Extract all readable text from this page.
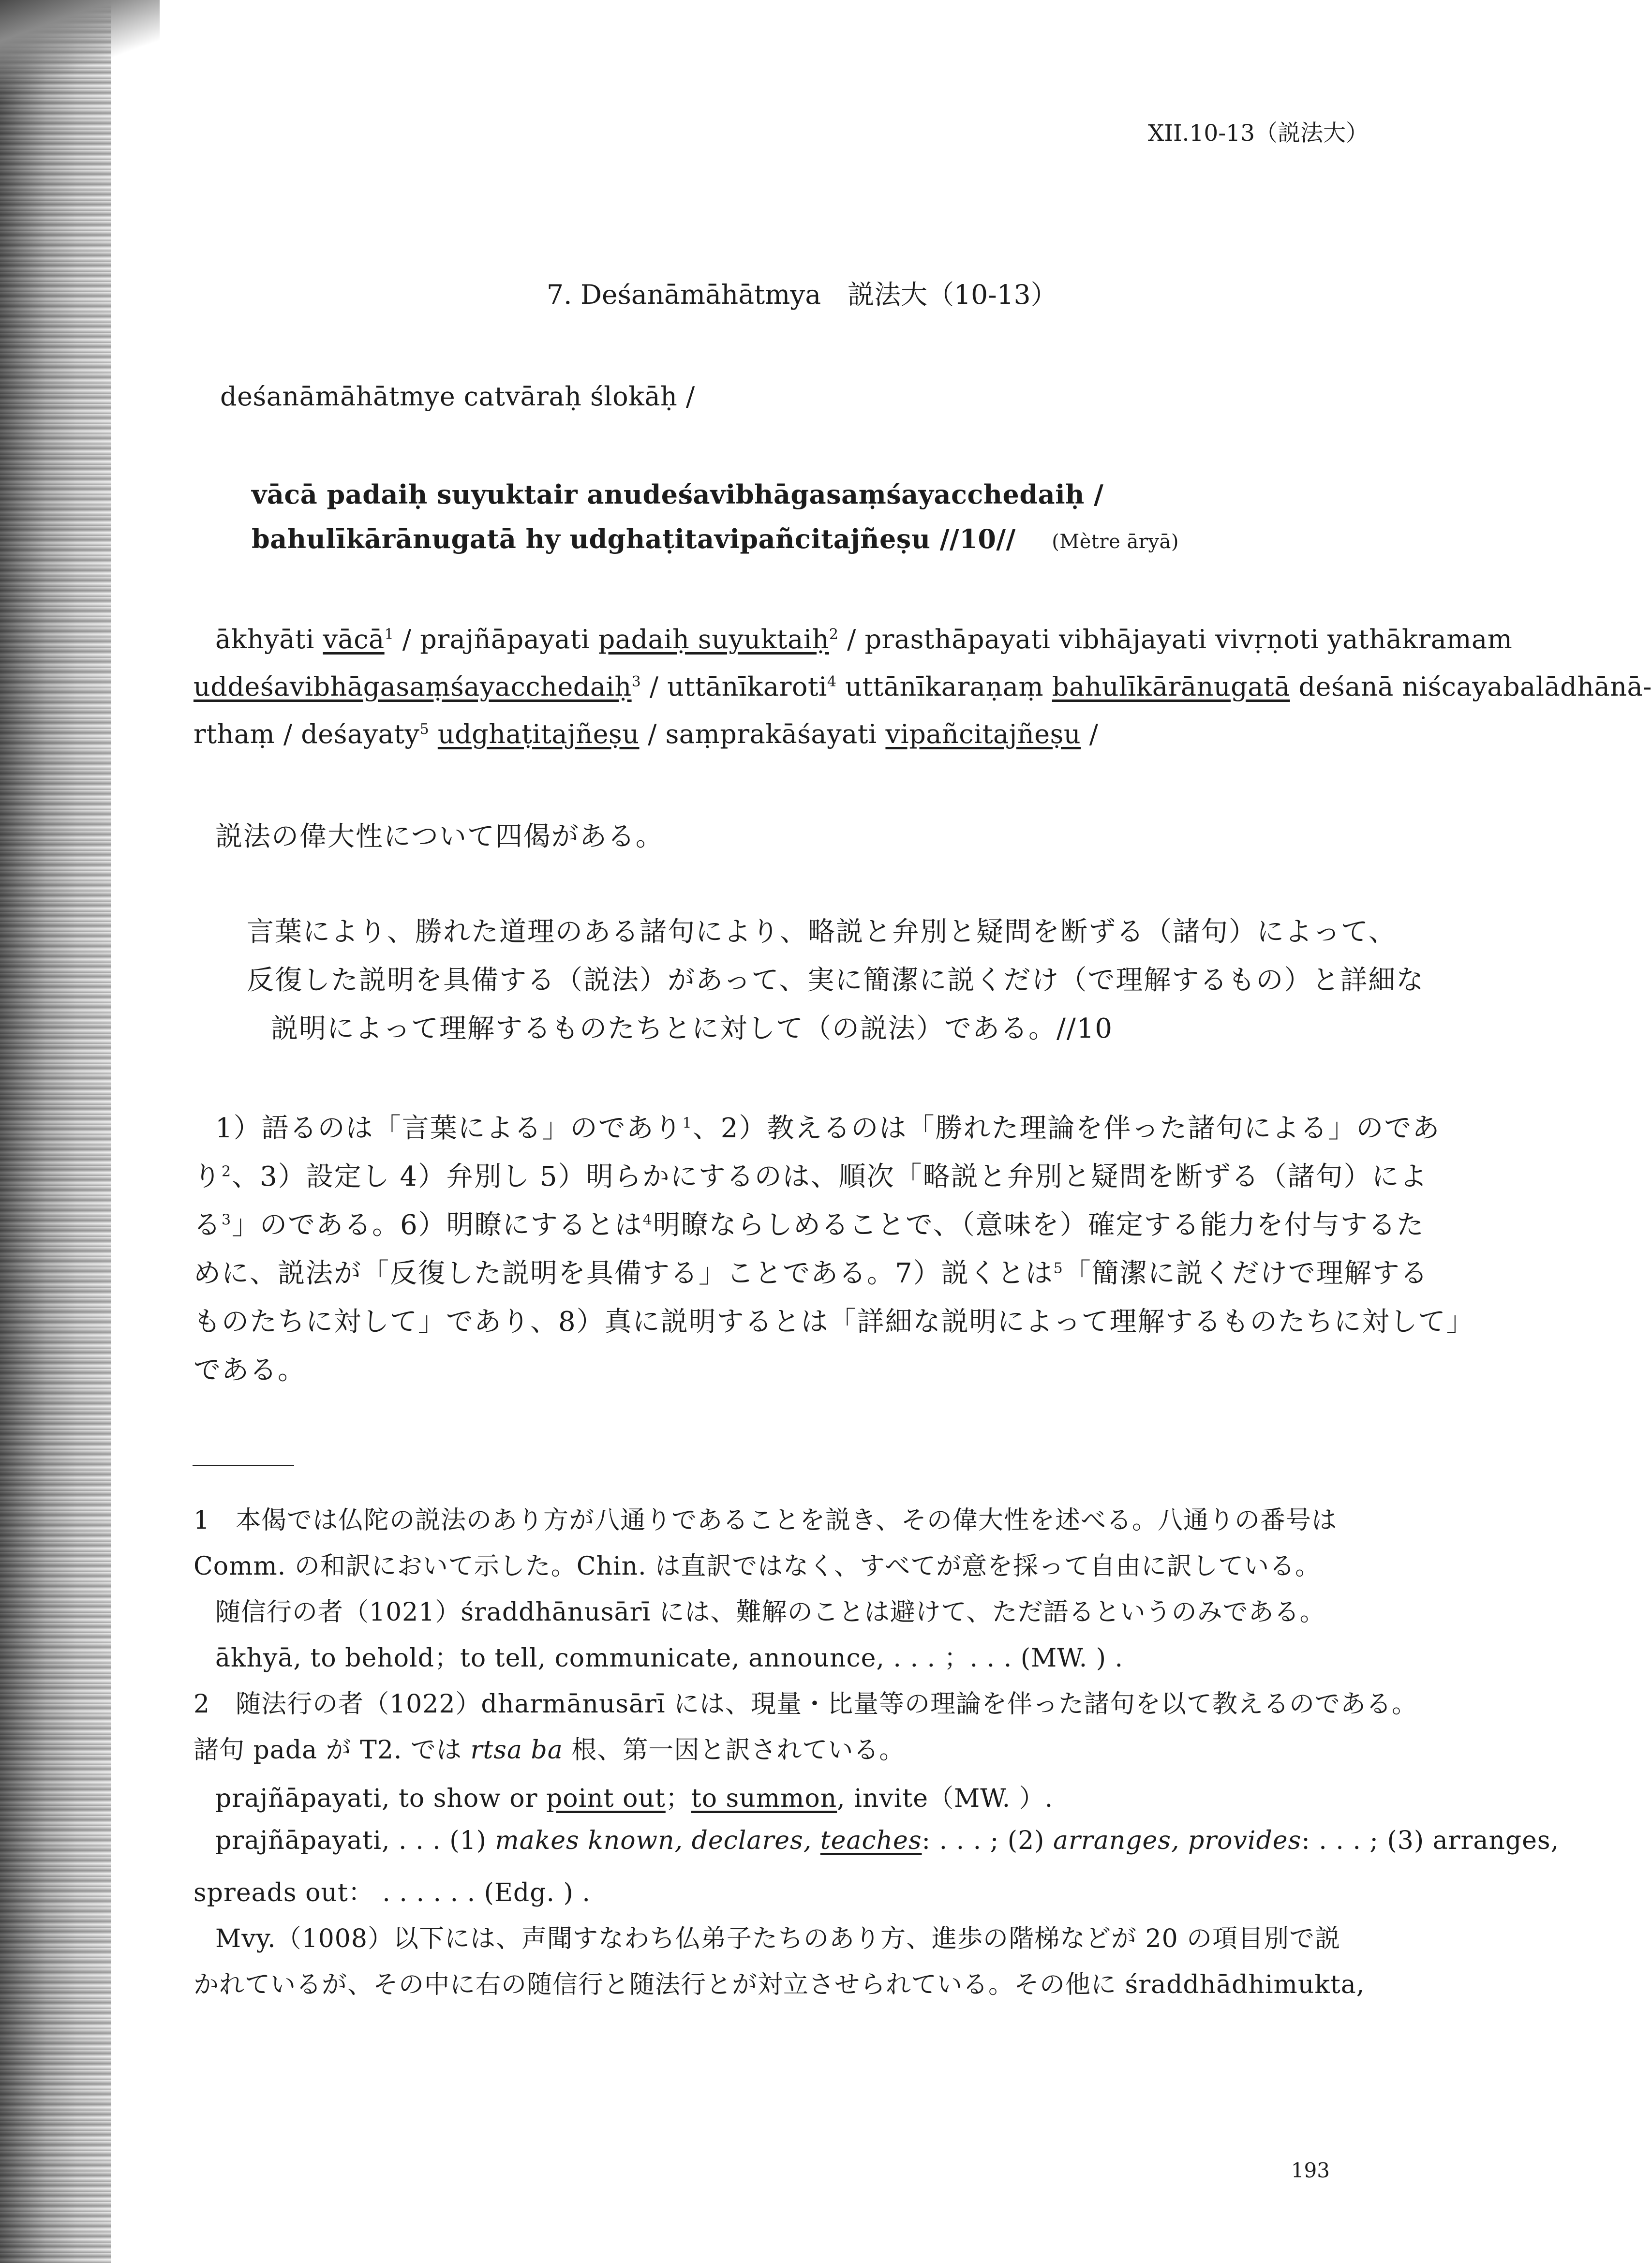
XII.10-13（説法大）
7. Deśanāmāhātmya　説法大（10-13）
deśanāmāhātmye catvāraḥ ślokāḥ /
vācā padaiḥ suyuktair anudeśavibhāgasaṃśayacchedaiḥ /
bahulīkārānugatā hy udghaṭitavipañcitajñeṣu //10// (Mètre āryā)
ākhyāti vācā$^1$ / prajñāpayati padaiḥ suyuktaiḥ$^2$ / prasthāpayati vibhājayati vivṛṇoti yathākramam
uddeśavibhāgasaṃśayacchedaiḥ$^3$ / uttānīkaroti$^4$ uttānīkaraṇaṃ bahulīkārānugatā deśanā niścayabalādhānā-
rthaṃ / deśayaty$^5$ udghaṭitajñeṣu / saṃprakāśayati vipañcitajñeṣu /
説法の偉大性について四偈がある。
言葉により、勝れた道理のある諸句により、略説と弁別と疑問を断ずる（諸句）によって、
反復した説明を具備する（説法）があって、実に簡潔に説くだけ（で理解するもの）と詳細な
説明によって理解するものたちとに対して（の説法）である。//10
1）語るのは「言葉による」のであり$^1$、2）教えるのは「勝れた理論を伴った諸句による」のであ
り$^2$、3）設定し 4）弁別し 5）明らかにするのは、順次「略説と弁別と疑問を断ずる（諸句）によ
る$^3$」のである。6）明瞭にするとは$^4$明瞭ならしめることで、（意味を）確定する能力を付与するた
めに、説法が「反復した説明を具備する」ことである。7）説くとは$^5$「簡潔に説くだけで理解する
ものたちに対して」であり、8）真に説明するとは「詳細な説明によって理解するものたちに対して」
である。
1　本偈では仏陀の説法のあり方が八通りであることを説き、その偉大性を述べる。八通りの番号は
Comm. の和訳において示した。Chin. は直訳ではなく、すべてが意を採って自由に訳している。
随信行の者（1021）śraddhānusārī には、難解のことは避けて、ただ語るというのみである。
ākhyā, to behold；to tell, communicate, announce, . . . ；. . . (MW. ) .
2　随法行の者（1022）dharmānusārī には、現量・比量等の理論を伴った諸句を以て教えるのである。
諸句 pada が T2. では rtsa ba 根、第一因と訳されている。
prajñāpayati, to show or point out；to summon, invite（MW. ）.
prajñāpayati, . . . (1) makes known, declares, teaches: . . . ; (2) arranges, provides: . . . ; (3) arranges,
spreads out： . . . . . . (Edg. ) .
Mvy.（1008）以下には、声聞すなわち仏弟子たちのあり方、進歩の階梯などが 20 の項目別で説
かれているが、その中に右の随信行と随法行とが対立させられている。その他に śraddhādhimukta,
193
